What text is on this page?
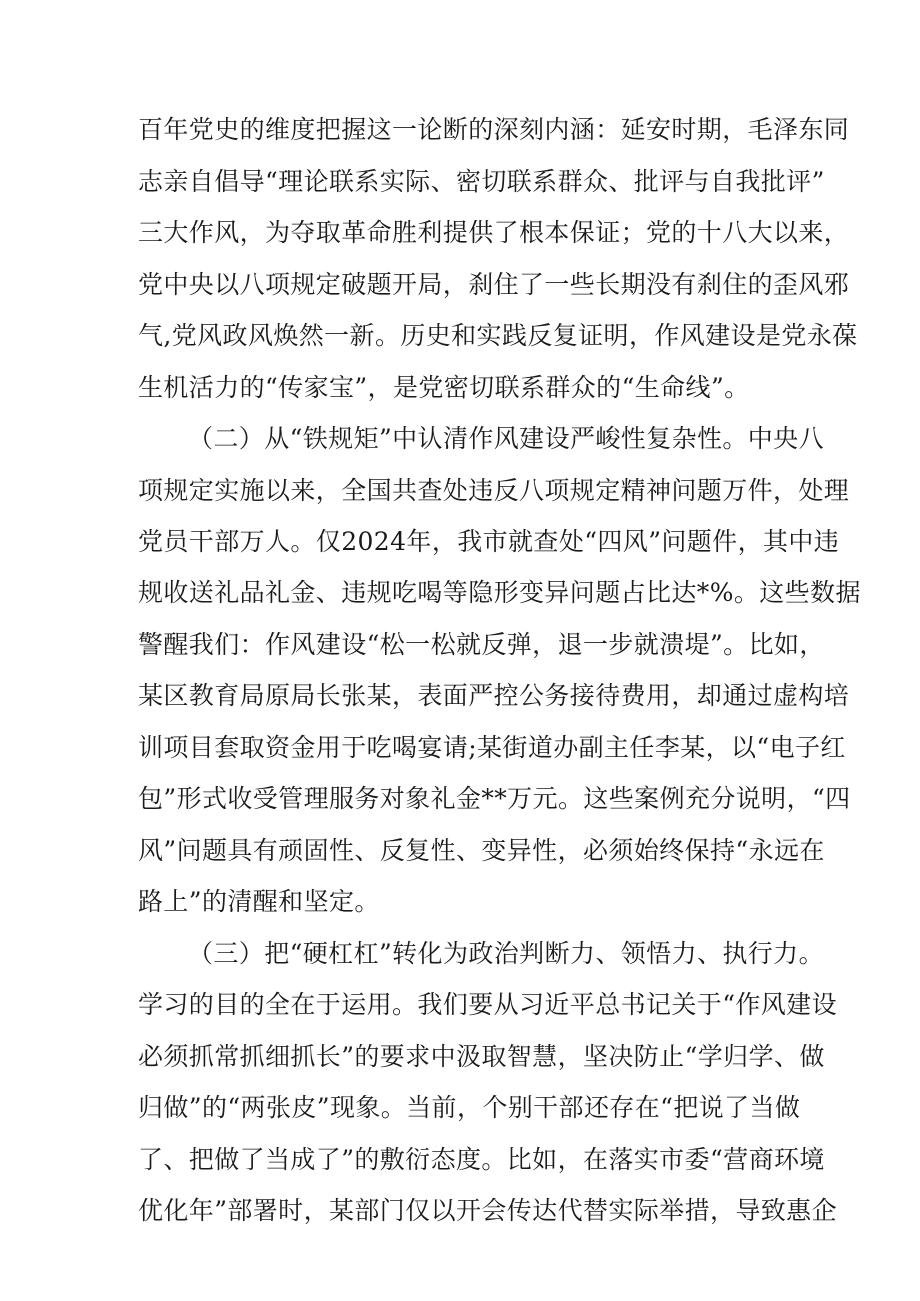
百年党史的维度把握这一论断的深刻内涵：延安时期，毛泽东同
志亲自倡导“理论联系实际、密切联系群众、批评与自我批评”
三大作风，为夺取革命胜利提供了根本保证；党的十八大以来，
党中央以八项规定破题开局，刹住了一些长期没有刹住的歪风邪
气,党风政风焕然一新。历史和实践反复证明，作风建设是党永葆
生机活力的“传家宝”，是党密切联系群众的“生命线”。
（二）从“铁规矩”中认清作风建设严峻性复杂性。中央八
项规定实施以来，全国共查处违反八项规定精神问题万件，处理
党员干部万人。仅2024年，我市就查处“四风”问题件，其中违
规收送礼品礼金、违规吃喝等隐形变异问题占比达*%。这些数据
警醒我们：作风建设“松一松就反弹，退一步就溃堤”。比如，
某区教育局原局长张某，表面严控公务接待费用，却通过虚构培
训项目套取资金用于吃喝宴请;某街道办副主任李某，以“电子红
包”形式收受管理服务对象礼金**万元。这些案例充分说明，“四
风”问题具有顽固性、反复性、变异性，必须始终保持“永远在
路上”的清醒和坚定。
（三）把“硬杠杠”转化为政治判断力、领悟力、执行力。
学习的目的全在于运用。我们要从习近平总书记关于“作风建设
必须抓常抓细抓长”的要求中汲取智慧，坚决防止“学归学、做
归做”的“两张皮”现象。当前，个别干部还存在“把说了当做
了、把做了当成了”的敷衍态度。比如，在落实市委“营商环境
优化年”部署时，某部门仅以开会传达代替实际举措，导致惠企
